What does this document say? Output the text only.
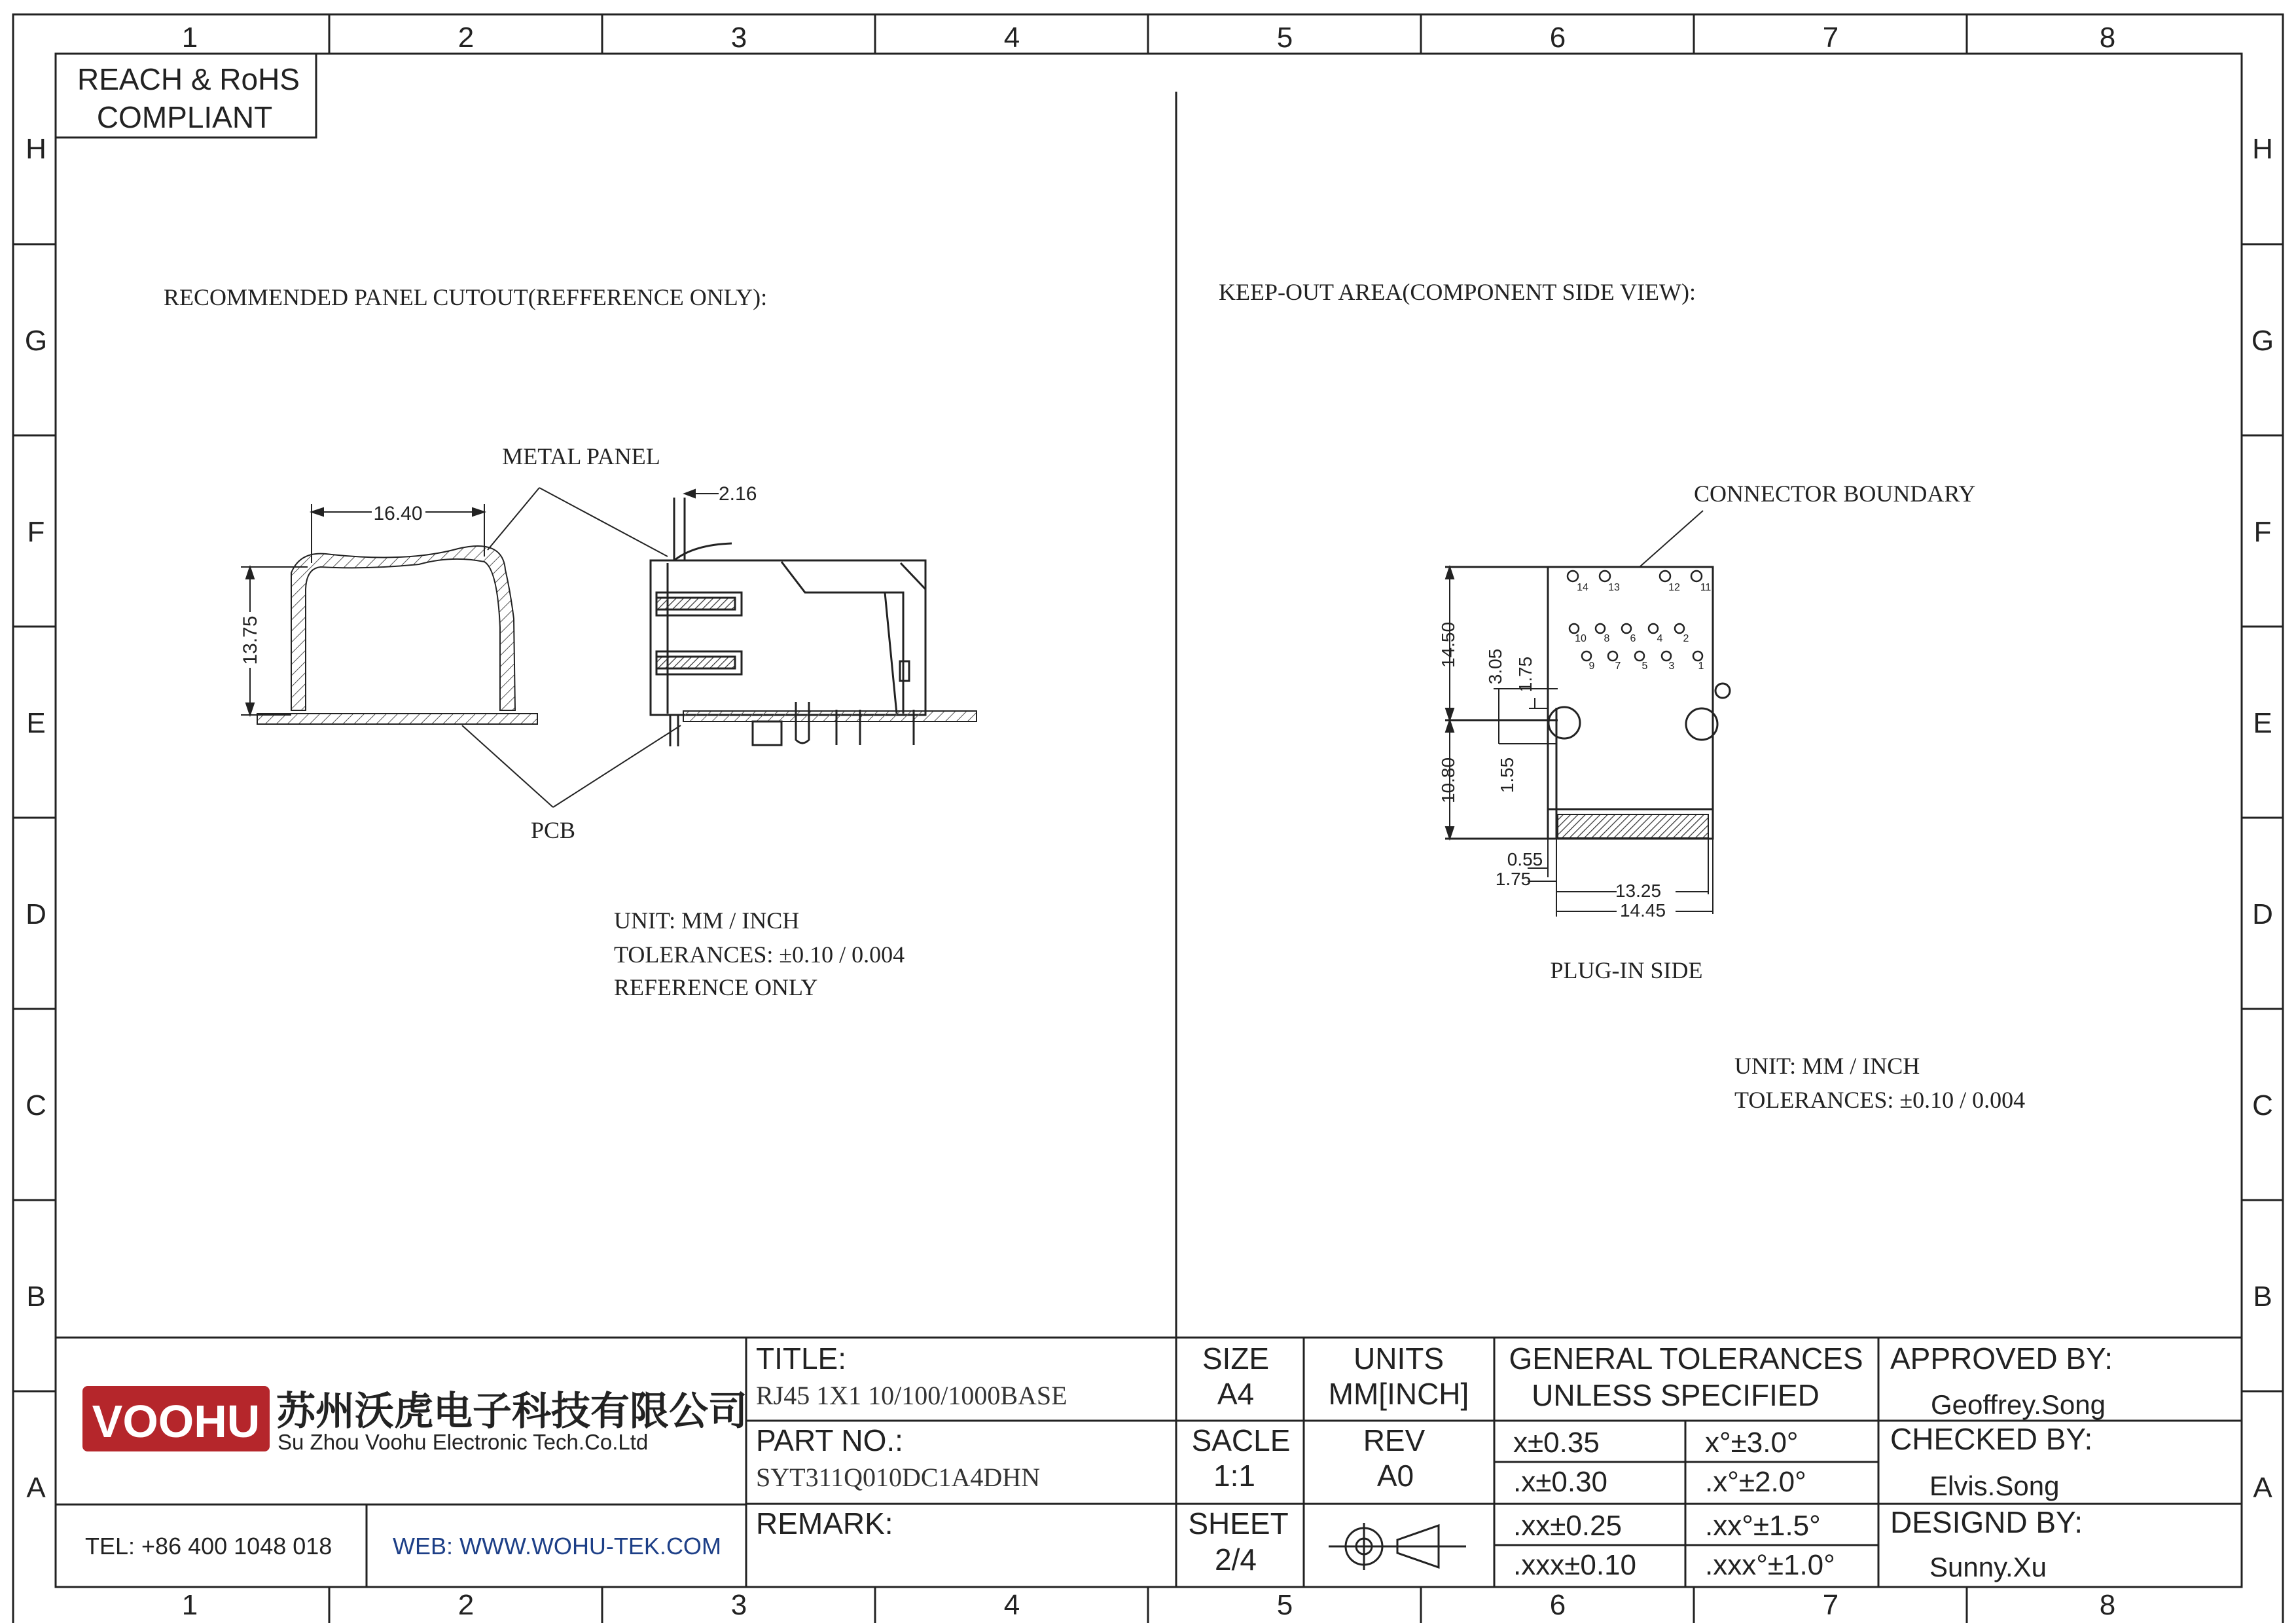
1	2	3	4	5	6	7	8
1	2	3	4	5	6	7	8
H
G
F
E
D
C
B
A
H
G
F
E
D
C
B
A
REACH & RoHS
COMPLIANT
RECOMMENDED PANEL CUTOUT(REFFERENCE ONLY):
16.40
13.75
METAL PANEL
PCB
2.16
UNIT: MM / INCH
TOLERANCES: ±0.10 / 0.004
REFERENCE ONLY
KEEP-OUT AREA(COMPONENT SIDE VIEW):
CONNECTOR BOUNDARY
14 13	12 11
10 8 6 4 2
9 7 5 3 1
14.50
10.80
3.05 1.75
1.55
0.55
1.75
13.25
14.45
PLUG-IN SIDE
UNIT: MM / INCH
TOLERANCES: ±0.10 / 0.004
VOOHU 苏州沃虎电子科技有限公司
Su Zhou Voohu Electronic Tech.Co.Ltd
TEL: +86 400 1048 018	WEB: WWW.WOHU-TEK.COM
TITLE:
RJ45 1X1 10/100/1000BASE
PART NO.:
SYT311Q010DC1A4DHN
REMARK:
SIZE
A4
SACLE
1:1
SHEET
2/4
UNITS
MM[INCH]
REV
A0
GENERAL TOLERANCES
UNLESS SPECIFIED
x±0.35	x°±3.0°
.x±0.30	.x°±2.0°
.xx±0.25	.xx°±1.5°
.xxx±0.10 .xxx°±1.0°
APPROVED BY:
Geoffrey.Song
CHECKED BY:
Elvis.Song
DESIGND BY:
Sunny.Xu
